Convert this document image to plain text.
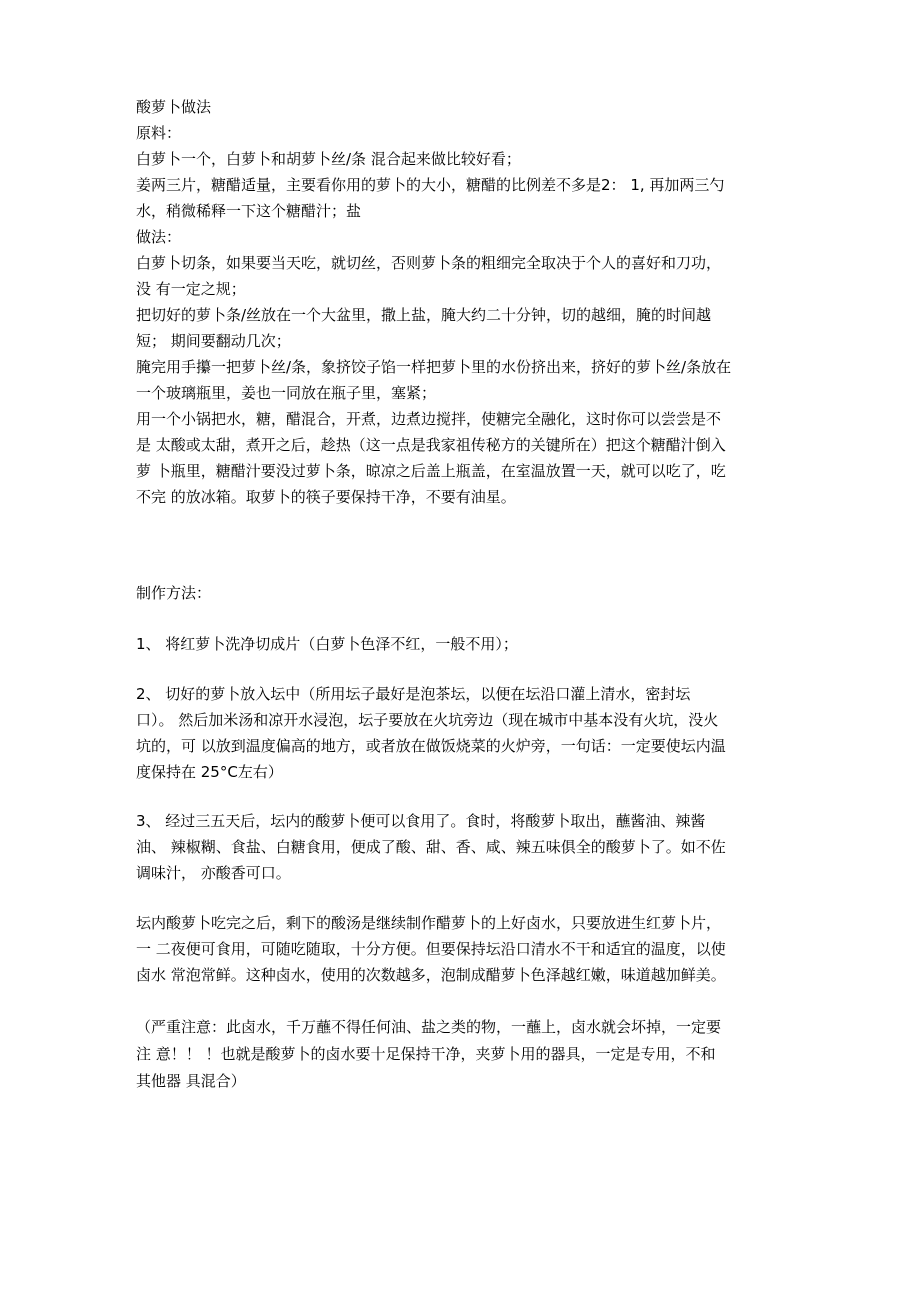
酸萝卜做法
原料：
白萝卜一个，白萝卜和胡萝卜丝/条 混合起来做比较好看；
姜两三片，糖醋适量，主要看你用的萝卜的大小，糖醋的比例差不多是2： 1, 再加两三勺
水，稍微稀释一下这个糖醋汁；盐
做法：
白萝卜切条，如果要当天吃，就切丝，否则萝卜条的粗细完全取决于个人的喜好和刀功，
没 有一定之规；
把切好的萝卜条/丝放在一个大盆里，撒上盐，腌大约二十分钟，切的越细，腌的时间越
短； 期间要翻动几次；
腌完用手攥一把萝卜丝/条，象挤饺子馅一样把萝卜里的水份挤出来，挤好的萝卜丝/条放在
一个玻璃瓶里，姜也一同放在瓶子里，塞紧；
用一个小锅把水，糖，醋混合，开煮，边煮边搅拌，使糖完全融化，这时你可以尝尝是不
是 太酸或太甜，煮开之后，趁热（这一点是我家祖传秘方的关键所在）把这个糖醋汁倒入
萝 卜瓶里，糖醋汁要没过萝卜条，晾凉之后盖上瓶盖，在室温放置一天，就可以吃了，吃
不完 的放冰箱。取萝卜的筷子要保持干净，不要有油星。
制作方法：
1、 将红萝卜洗净切成片（白萝卜色泽不红，一般不用）；
2、 切好的萝卜放入坛中（所用坛子最好是泡茶坛，以便在坛沿口灌上清水，密封坛
口）。 然后加米汤和凉开水浸泡，坛子要放在火坑旁边（现在城市中基本没有火坑，没火
坑的，可 以放到温度偏高的地方，或者放在做饭烧菜的火炉旁，一句话：一定要使坛内温
度保持在 25°C左右）
3、 经过三五天后，坛内的酸萝卜便可以食用了。食时，将酸萝卜取出，蘸酱油、辣酱
油、 辣椒糊、食盐、白糖食用，便成了酸、甜、香、咸、辣五味俱全的酸萝卜了。如不佐
调味汁， 亦酸香可口。
坛内酸萝卜吃完之后，剩下的酸汤是继续制作醋萝卜的上好卤水，只要放进生红萝卜片，
一 二夜便可食用，可随吃随取，十分方便。但要保持坛沿口清水不干和适宜的温度，以使
卤水 常泡常鲜。这种卤水，使用的次数越多，泡制成醋萝卜色泽越红嫩，味道越加鲜美。
（严重注意：此卤水，千万蘸不得任何油、盐之类的物，一蘸上，卤水就会坏掉，一定要
注 意！！ ！也就是酸萝卜的卤水要十足保持干净，夹萝卜用的器具，一定是专用，不和
其他器 具混合）
